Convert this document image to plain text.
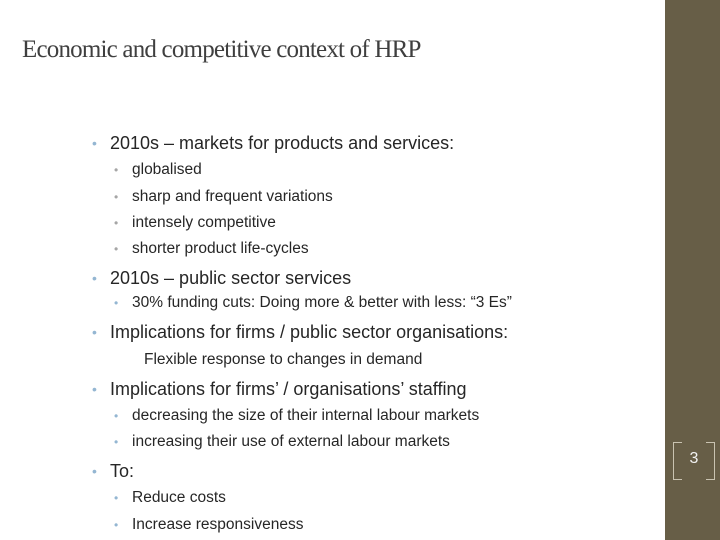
Economic and competitive context of HRP
• 2010s – markets for products and services:
• globalised
• sharp and frequent variations
• intensely competitive
• shorter product life-cycles
• 2010s – public sector services
• 30% funding cuts: Doing more & better with less: “3 Es”
• Implications for firms / public sector organisations:
Flexible response to changes in demand
• Implications for firms’ / organisations’ staffing
• decreasing the size of their internal labour markets
• increasing their use of external labour markets
• To:
• Reduce costs
• Increase responsiveness
3
